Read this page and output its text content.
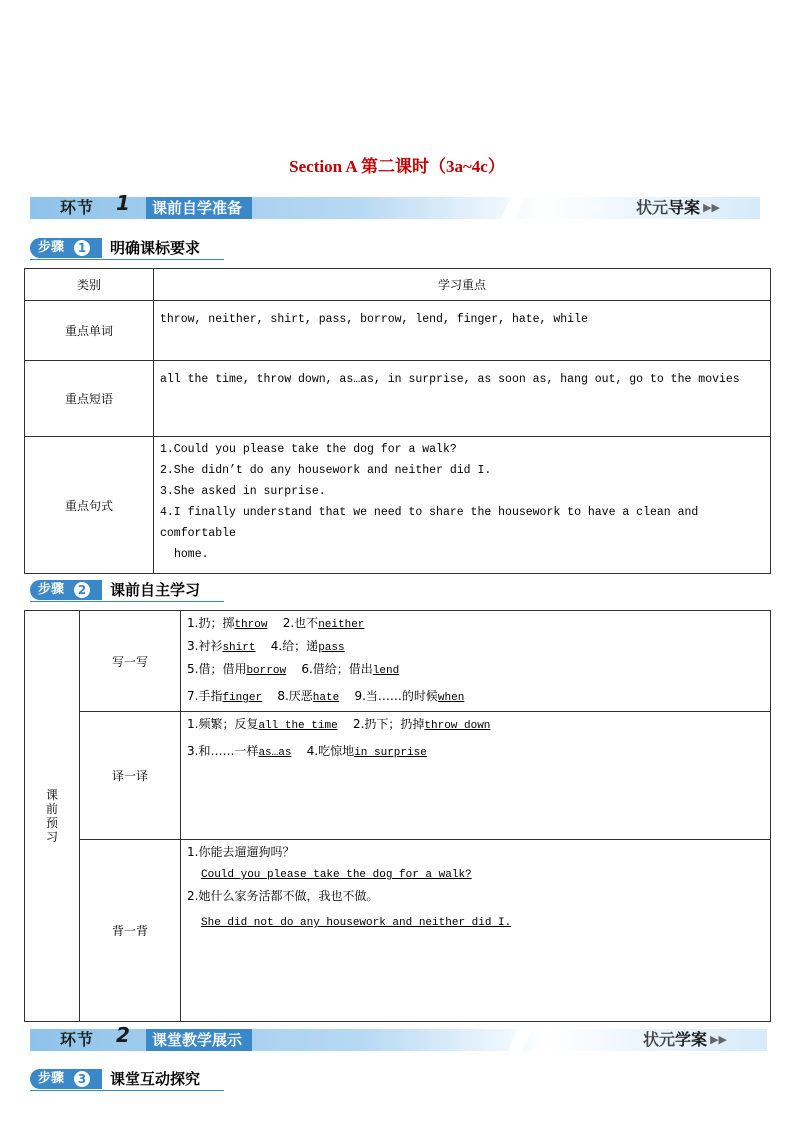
Section A 第二课时（3a~4c）
环节 1	课前自学准备	状元导案 ▶▶
步骤	1 明确课标要求
类别	学习重点
重点单词	throw, neither, shirt, pass, borrow, lend, finger, hate, while

重点短语	all the time, throw down, as…as, in surprise, as soon as, hang out, go to the movies

重点句式	1.Could you please take the dog for a walk?
2.She didn’t do any housework and neither did I.
3.She asked in surprise.
4.I finally understand that we need to share the housework to have a clean and comfortable
home.
步骤	2 课前自主学习
课前预习	写一写	1.扔；掷throw 2.也不neither
3.衬衫shirt 4.给；递pass
5.借；借用borrow 6.借给；借出lend
7.手指finger 8.厌恶hate 9.当……的时候when

	译一译	1.频繁；反复all the time 2.扔下；扔掉throw down
3.和……一样as…as 4.吃惊地in surprise

	背一背	1.你能去遛遛狗吗？
Could you please take the dog for a walk?
2.她什么家务活都不做，我也不做。
She did not do any housework and neither did I.
环节 2	课堂教学展示	状元学案 ▶▶
步骤	3 课堂互动探究
